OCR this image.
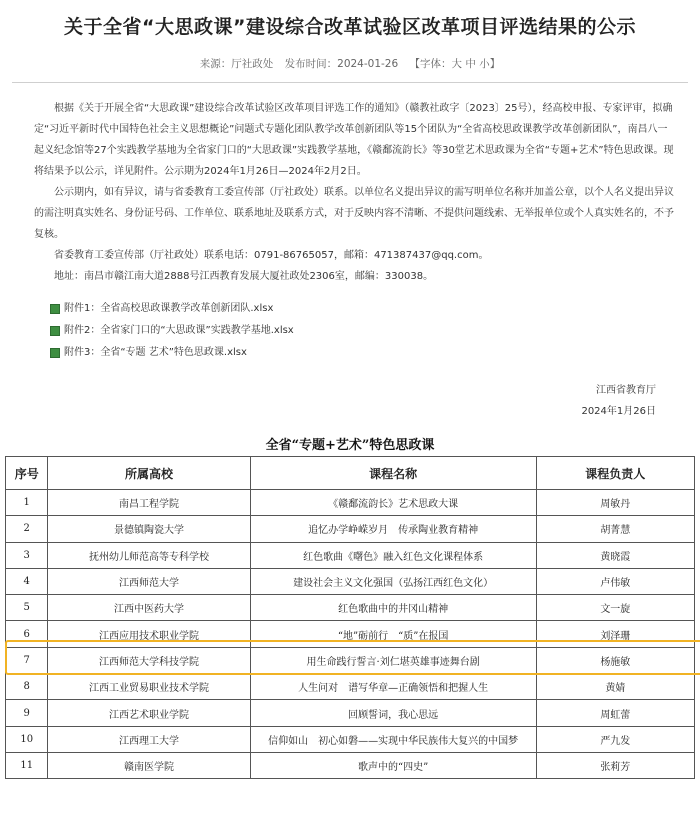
关于全省“大思政课”建设综合改革试验区改革项目评选结果的公示
来源：厅社政处 发布时间：2024-01-26 【字体：大 中 小】

根据《关于开展全省“大思政课”建设综合改革试验区改革项目评选工作的通知》（赣教社政字〔2023〕25号），经高校申报、专家评审，拟确定“习近平新时代中国特色社会主义思想概论”问题式专题化团队教学改革创新团队等15个团队为“全省高校思政课教学改革创新团队”，南昌八一起义纪念馆等27个实践教学基地为全省家门口的“大思政课”实践教学基地，《赣鄱流韵长》等30堂艺术思政课为全省“专题+艺术”特色思政课。现将结果予以公示，详见附件。公示期为2024年1月26日—2024年2月2日。

公示期内，如有异议，请与省委教育工委宣传部（厅社政处）联系。以单位名义提出异议的需写明单位名称并加盖公章，以个人名义提出异议的需注明真实姓名、身份证号码、工作单位、联系地址及联系方式，对于反映内容不清晰、不提供问题线索、无举报单位或个人真实姓名的，不予复核。

省委教育工委宣传部（厅社政处）联系电话：0791-86765057，邮箱：471387437@qq.com。

地址：南昌市赣江南大道2888号江西教育发展大厦社政处2306室，邮编：330038。

附件1：全省高校思政课教学改革创新团队.xlsx
附件2：全省家门口的“大思政课”实践教学基地.xlsx
附件3：全省“专题 艺术”特色思政课.xlsx
江西省教育厅
2024年1月26日
全省“专题+艺术”特色思政课
序号	所属高校	课程名称	课程负责人
1	南昌工程学院	《赣鄱流韵长》艺术思政大课	周敏丹
2	景德镇陶瓷大学	追忆办学峥嵘岁月　传承陶业教育精神	胡菁慧
3	抚州幼儿师范高等专科学校	红色歌曲《曙色》融入红色文化课程体系	黄晓霞
4	江西师范大学	建设社会主义文化强国（弘扬江西红色文化）	卢伟敏
5	江西中医药大学	红色歌曲中的井冈山精神	文一旋
6	江西应用技术职业学院	“地”砺前行　“质”在报国	刘泽珊
7	江西师范大学科技学院	用生命践行誓言·刘仁堪英雄事迹舞台剧	杨施敏
8	江西工业贸易职业技术学院	人生问对　谱写华章—正确领悟和把握人生	黄婧
9	江西艺术职业学院	回顾誓词，我心思远	周虹蕾
10	江西理工大学	信仰如山　初心如磐——实现中华民族伟大复兴的中国梦	严九发
11	赣南医学院	歌声中的“四史”	张莉芳
